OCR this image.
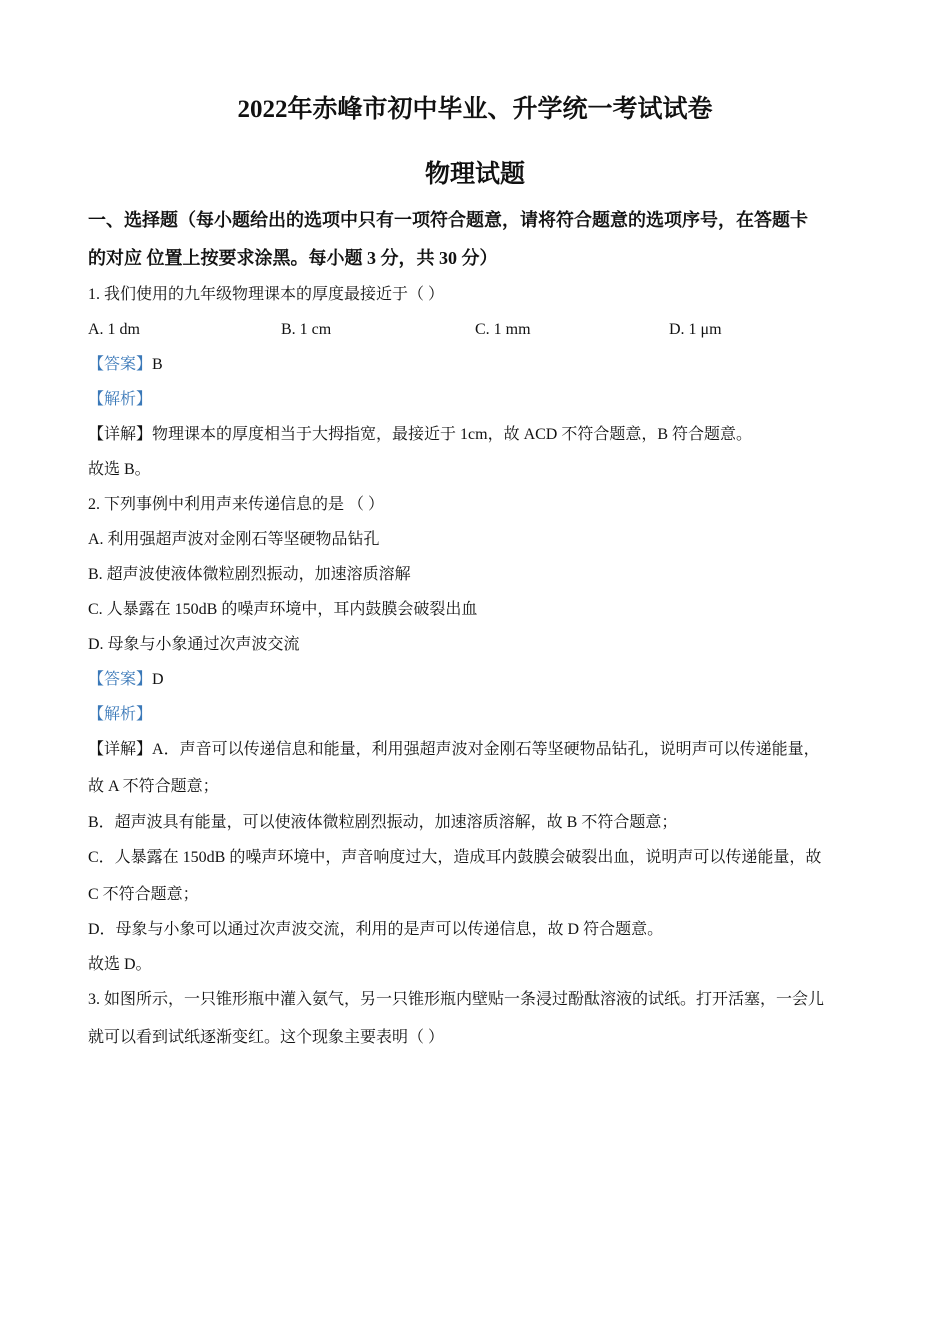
2022年赤峰市初中毕业、升学统一考试试卷
物理试题

一、选择题（每小题给出的选项中只有一项符合题意，请将符合题意的选项序号，在答题卡

的对应 位置上按要求涂黑。每小题 3 分，共 30 分）

1. 我们使用的九年级物理课本的厚度最接近于（ ）

A. 1 dm	B. 1 cm	C. 1 mm	D. 1 μm

【答案】B

【解析】

【详解】物理课本的厚度相当于大拇指宽，最接近于 1cm，故 ACD 不符合题意，B 符合题意。

故选 B。

2. 下列事例中利用声来传递信息的是 （ ）

A. 利用强超声波对金刚石等坚硬物品钻孔

B. 超声波使液体微粒剧烈振动，加速溶质溶解

C. 人暴露在 150dB 的噪声环境中，耳内鼓膜会破裂出血

D. 母象与小象通过次声波交流

【答案】D

【解析】

【详解】A．声音可以传递信息和能量，利用强超声波对金刚石等坚硬物品钻孔，说明声可以传递能量，

故 A 不符合题意；

B．超声波具有能量，可以使液体微粒剧烈振动，加速溶质溶解，故 B 不符合题意；

C．人暴露在 150dB 的噪声环境中，声音响度过大，造成耳内鼓膜会破裂出血，说明声可以传递能量，故

C 不符合题意；

D．母象与小象可以通过次声波交流，利用的是声可以传递信息，故 D 符合题意。

故选 D。

3. 如图所示，一只锥形瓶中灌入氨气，另一只锥形瓶内壁贴一条浸过酚酞溶液的试纸。打开活塞，一会儿

就可以看到试纸逐渐变红。这个现象主要表明（ ）
